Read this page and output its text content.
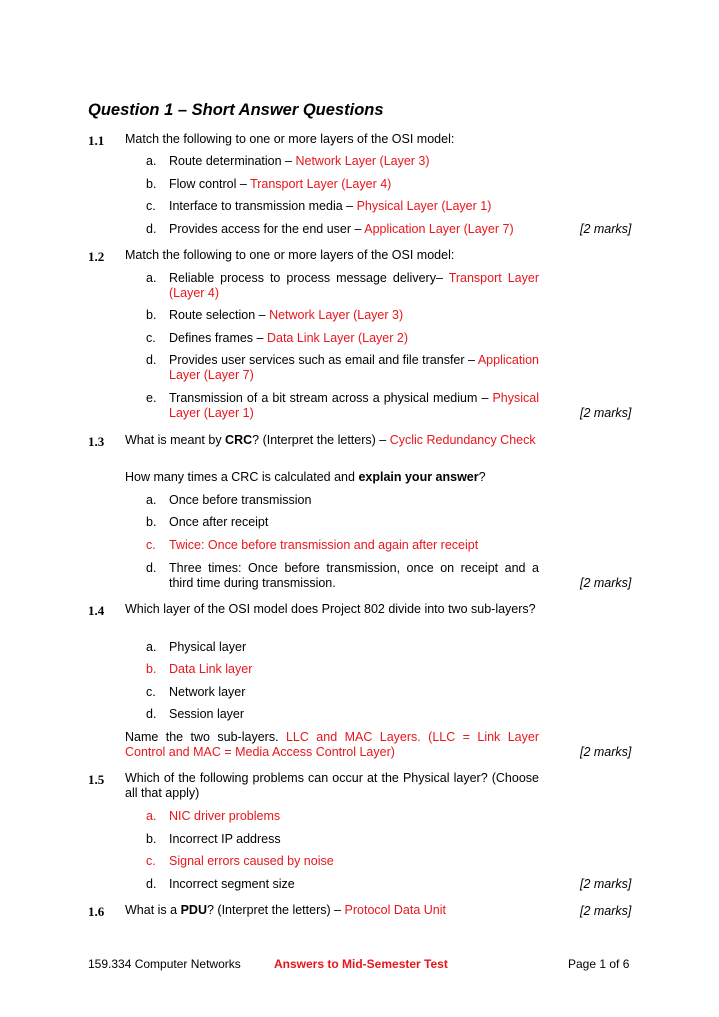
Question 1 – Short Answer Questions
1.1 Match the following to one or more layers of the OSI model:
a.	Route determination – Network Layer (Layer 3)
b.	Flow control – Transport Layer (Layer 4)
c.	Interface to transmission media – Physical Layer (Layer 1)
d.	Provides access for the end user – Application Layer (Layer 7)	[2 marks]
1.2 Match the following to one or more layers of the OSI model:
a.	Reliable process to process message delivery– Transport Layer (Layer 4)
b.	Route selection – Network Layer (Layer 3)
c.	Defines frames – Data Link Layer (Layer 2)
d.	Provides user services such as email and file transfer – Application Layer (Layer 7)
e.	Transmission of a bit stream across a physical medium – Physical Layer (Layer 1)	[2 marks]
1.3 What is meant by CRC? (Interpret the letters) – Cyclic Redundancy Check
How many times a CRC is calculated and explain your answer?
a.	Once before transmission
b.	Once after receipt
c.	Twice: Once before transmission and again after receipt
d.	Three times: Once before transmission, once on receipt and a third time during transmission.	[2 marks]
1.4 Which layer of the OSI model does Project 802 divide into two sub-layers?
a.	Physical layer
b.	Data Link layer
c.	Network layer
d.	Session layer
Name the two sub-layers. LLC and MAC Layers. (LLC = Link Layer Control and MAC = Media Access Control Layer)	[2 marks]
1.5 Which of the following problems can occur at the Physical layer? (Choose all that apply)
a.	NIC driver problems
b.	Incorrect IP address
c.	Signal errors caused by noise
d.	Incorrect segment size	[2 marks]
1.6 What is a PDU? (Interpret the letters) – Protocol Data Unit	[2 marks]
159.334 Computer Networks	Answers to Mid-Semester Test	Page 1 of 6
